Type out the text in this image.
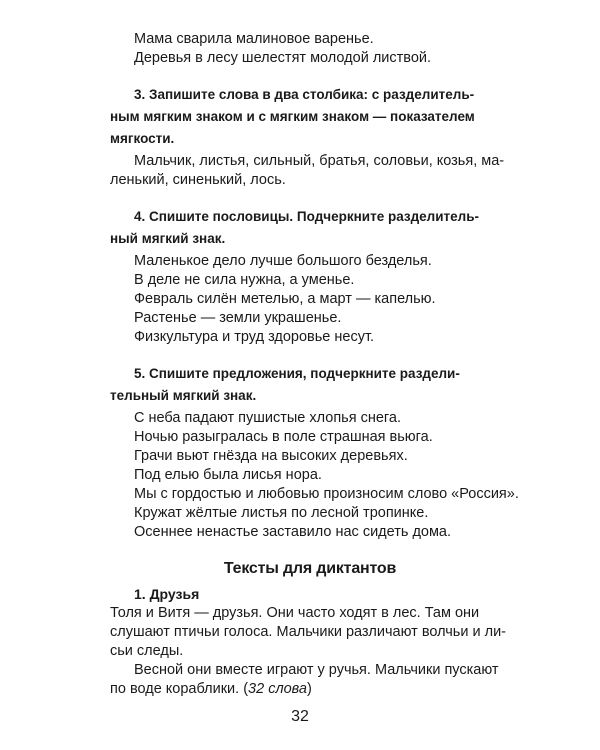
Мама сварила малиновое варенье.

Деревья в лесу шелестят молодой листвой.

3. Запишите слова в два столбика: с разделитель-

ным мягким знаком и с мягким знаком — показателем

мягкости.

Мальчик, листья, сильный, братья, соловьи, козья, ма-

ленький, синенький, лось.

4. Спишите пословицы. Подчеркните разделитель-

ный мягкий знак.

Маленькое дело лучше большого безделья.

В деле не сила нужна, а уменье.

Февраль силён метелью, а март — капелью.

Растенье — земли украшенье.

Физкультура и труд здоровье несут.

5. Спишите предложения, подчеркните раздели-

тельный мягкий знак.

С неба падают пушистые хлопья снега.

Ночью разыгралась в поле страшная вьюга.

Грачи вьют гнёзда на высоких деревьях.

Под елью была лисья нора.

Мы с гордостью и любовью произносим слово «Россия».

Кружат жёлтые листья по лесной тропинке.

Осеннее ненастье заставило нас сидеть дома.

Тексты для диктантов

1. Друзья

Толя и Витя — друзья. Они часто ходят в лес. Там они

слушают птичьи голоса. Мальчики различают волчьи и ли-

сьи следы.

Весной они вместе играют у ручья. Мальчики пускают

по воде кораблики. (32 слова)

32
